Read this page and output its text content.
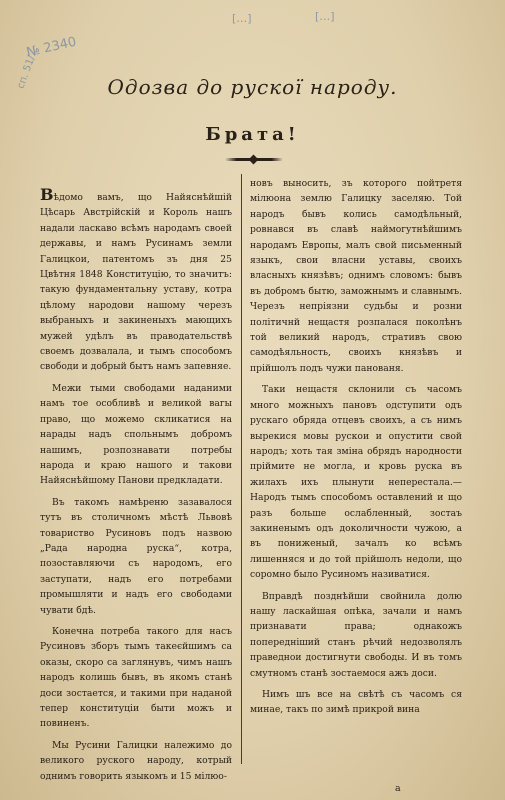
№ 2340
сп. 51/…
[…]	[…]
Одозва до рускої народу.
Брата!

Вѣдомо вамъ, що Найяснѣйшій Цѣсарь Австрійскій и Король нашъ надали ласкаво всѣмъ народамъ своей державы, и намъ Русинамъ земли Галицкои, патентомъ зъ дня 25 Цвѣтня 1848 Конституцію, то значитъ: такую фундаментальну уставу, котра цѣлому народови нашому черезъ выбраныхъ и закиненыхъ мающихъ мужей удѣлъ въ праводательствѣ своемъ дозвалала, и тымъ способомъ свободи и добрый бытъ намъ запевняе.

Межи тыми свободами наданими намъ тое особливѣ и великой вагы право, що можемо скликатися на нарады надъ спольнымъ добромъ нашимъ, розпознавати потребы народа и краю нашого и такови Найяснѣйшому Панови предкладати.

Въ такомъ намѣреню зазавалося тутъ въ столичномъ мѣстѣ Львовѣ товариство Русиновъ подъ назвою „Рада народна руска“, котра, позоставляючи съ народомъ, его заступати, надъ его потребами промышляти и надъ его свободами чувати бдѣ.

Конечна потреба такого для насъ Русиновъ зборъ тымъ такеєйшимъ са оказы, скоро са заглянувъ, чимъ нашъ народъ колишь бывъ, въ якомъ станѣ доси зостается, и такими при наданой тепер конституціи быти можъ и повиненъ.

Мы Русини Галицки належимо до великого руского народу, котрый однимъ говорить языкомъ и 15 мілюо-

новъ выносить, зъ которого пойтретя мілюона землю Галицку заселяю. Той народъ бывъ колись самодѣльный, ровнався въ славѣ наймогутнѣйшимъ народамъ Европы, малъ свой письменный языкъ, свои власни уставы, своихъ власныхъ князѣвъ; однимъ словомъ: бывъ въ добромъ бытю, заможнымъ и славнымъ. Черезъ непріязни судьбы и розни політичнй нещастя розпалася поколѣнъ той великий народъ, стративъ свою самодѣяльность, своихъ князѣвъ и прійшолъ подъ чужи панованя.

Таки нещастя склонили съ часомъ много можныхъ пановъ одступити одъ рускаго обряда отцевъ своихъ, а съ нимъ вырекися мовы рускои и опустити свой народъ; хоть тая зміна обрядъ народности пріймите не могла, и кровь руска въ жилахъ ихъ плынути неперестала.— Народъ тымъ способомъ оставлений и що разъ больше ослабленный, зостаъ закиненымъ одъ доколичности чужою, а въ пониженый, зачалъ ко всѣмъ лишенняся и до той прійшолъ недоли, що соромно было Русиномъ називатися.

Вправдѣ позднѣйши свойнила долю нашу ласкайшая опѣка, зачали и намъ признавати права; однакожъ попередніший станъ рѣчий недозволялъ праведнои достигнути свободы. И въ томъ смутномъ станѣ зостаемося ажъ доси.

Нимъ шъ все на свѣтѣ съ часомъ ся минае, такъ по зимѣ прикрой вина

а
